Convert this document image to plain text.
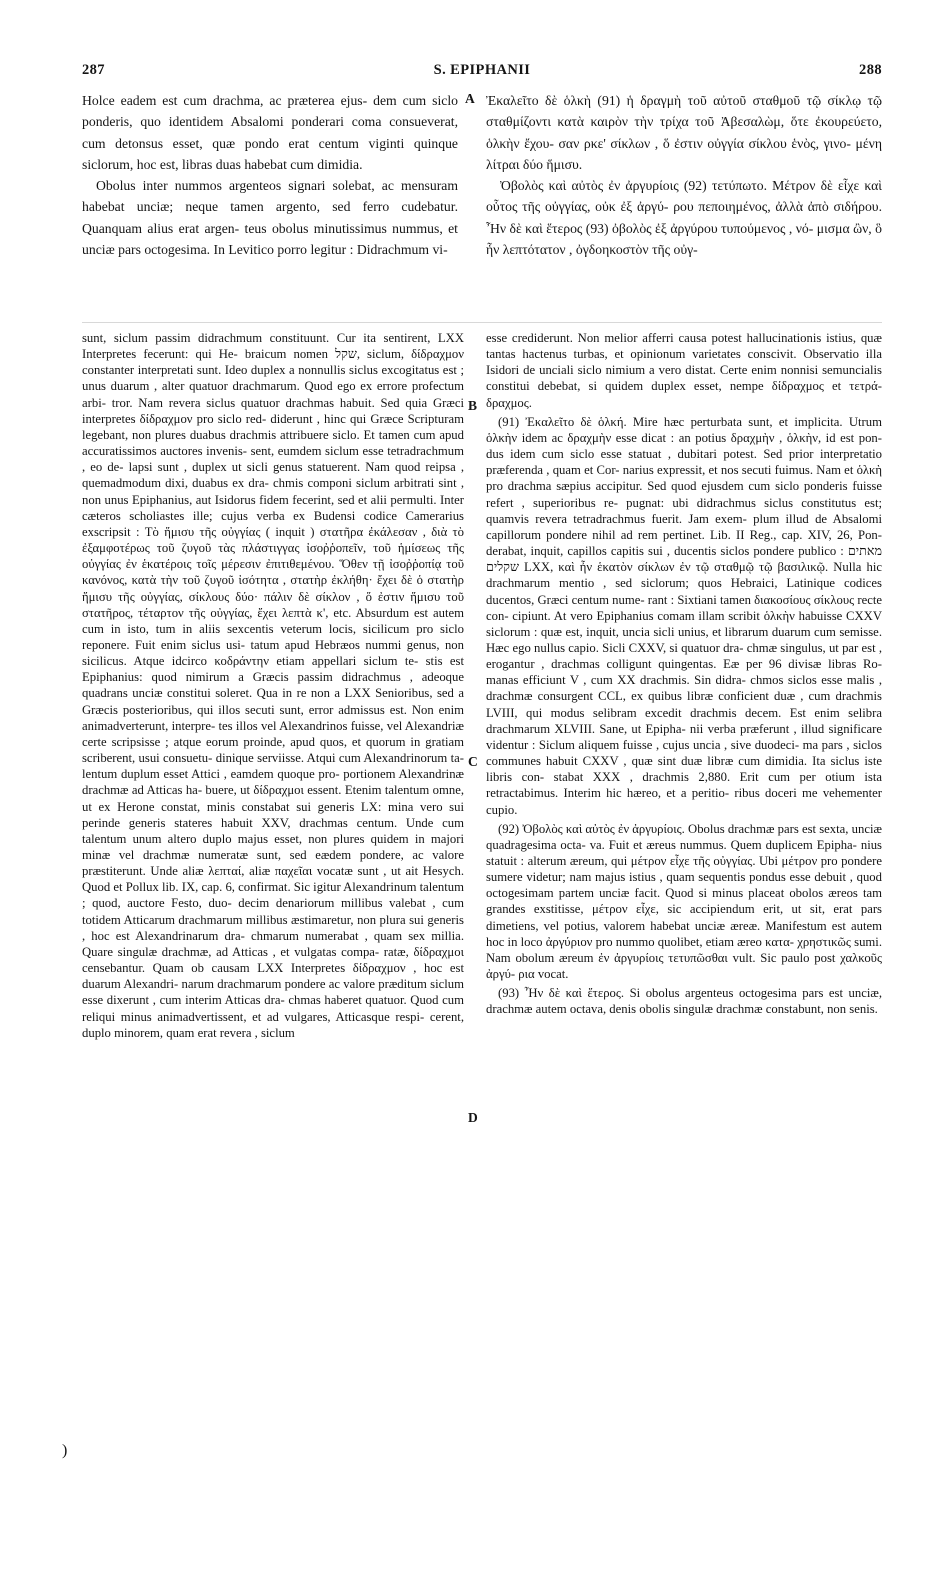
287	S. EPIPHANII	288

Holce eadem est cum drachma, ac præterea ejus- dem cum siclo ponderis, quo identidem Absalomi ponderari coma consueverat, cum detonsus esset, quæ pondo erat centum viginti quinque siclorum, hoc est, libras duas habebat cum dimidia.

Obolus inter nummos argenteos signari solebat, ac mensuram habebat unciæ; neque tamen argento, sed ferro cudebatur. Quanquam alius erat argen- teus obolus minutissimus nummus, et unciæ pars octogesima. In Levitico porro legitur : Didrachmum vi-

Ἐκαλεῖτο δὲ ὁλκὴ (91) ἡ δραγμὴ τοῦ αὐτοῦ σταθμοῦ τῷ σίκλῳ τῷ σταθμίζοντι κατὰ καιρὸν τὴν τρίχα τοῦ Ἀβεσαλὼμ, ὅτε ἐκουρεύετο, ὁλκὴν ἔχου- σαν ρκε' σίκλων , ὅ ἐστιν οὐγγία σίκλου ἑνὸς, γινο- μένη λίτραι δύο ἥμισυ.

Ὀβολὸς καὶ αὐτὸς ἐν ἀργυρίοις (92) τετύπωτο. Μέτρον δὲ εἶχε καὶ οὗτος τῆς οὐγγίας, οὐκ ἐξ ἀργύ- ρου πεποιημένος, ἀλλὰ ἀπὸ σιδήρου. Ἦν δὲ καὶ ἕτερος (93) ὀβολὸς ἐξ ἀργύρου τυπούμενος , νό- μισμα ὢν, ὃ ἦν λεπτότατον , ὀγδοηκοστὸν τῆς οὐγ-

sunt, siclum passim didrachmum constituunt. Cur ita sentirent, LXX Interpretes fecerunt: qui He- braicum nomen שקל, siclum, δίδραχμον constanter interpretati sunt. Ideo duplex a nonnullis siclus excogitatus est ; unus duarum , alter quatuor drachmarum. Quod ego ex errore profectum arbi- tror. Nam revera siclus quatuor drachmas habuit. Sed quia Græci interpretes δίδραχμον pro siclo red- diderunt , hinc qui Græce Scripturam legebant, non plures duabus drachmis attribuere siclo. Et tamen cum apud accuratissimos auctores invenis- sent, eumdem siclum esse tetradrachmum , eo de- lapsi sunt , duplex ut sicli genus statuerent. Nam quod reipsa , quemadmodum dixi, duabus ex dra- chmis componi siclum arbitrati sint , non unus Epiphanius, aut Isidorus fidem fecerint, sed et alii permulti. Inter cæteros scholiastes ille; cujus verba ex Budensi codice Camerarius exscripsit : Τὸ ἥμισυ τῆς οὐγγίας ( inquit ) στατῆρα ἐκάλεσαν , διὰ τὸ ἐξαμφοτέρως τοῦ ζυγοῦ τὰς πλάστιγγας ἰσοῤῥοπεῖν, τοῦ ἡμίσεως τῆς οὐγγίας ἐν ἑκατέροις τοῖς μέρεσιν ἐπιτιθεμένου. Ὅθεν τῇ ἰσοῤῥοπίᾳ τοῦ κανόνος, κατὰ τὴν τοῦ ζυγοῦ ἰσότητα , στατὴρ ἐκλήθη· ἔχει δὲ ὁ στατὴρ ἥμισυ τῆς οὐγγίας, σίκλους δύο· πάλιν δὲ σίκλον , ὅ ἐστιν ἥμισυ τοῦ στατῆρος, τέταρτον τῆς οὐγγίας, ἔχει λεπτὰ κ', etc. Absurdum est autem cum in isto, tum in aliis sexcentis veterum locis, sicilicum pro siclo reponere. Fuit enim siclus usi- tatum apud Hebræos nummi genus, non sicilicus. Atque idcirco κοδράντην etiam appellari siclum te- stis est Epiphanius: quod nimirum a Græcis passim didrachmus , adeoque quadrans unciæ constitui soleret. Qua in re non a LXX Senioribus, sed a Græcis posterioribus, qui illos secuti sunt, error admissus est. Non enim animadverterunt, interpre- tes illos vel Alexandrinos fuisse, vel Alexandriæ certe scripsisse ; atque eorum proinde, apud quos, et quorum in gratiam scriberent, usui consuetu- dinique serviisse. Atqui cum Alexandrinorum ta- lentum duplum esset Attici , eamdem quoque pro- portionem Alexandrinæ drachmæ ad Atticas ha- buere, ut δίδραχμοι essent. Etenim talentum omne, ut ex Herone constat, minis constabat sui generis LX: mina vero sui perinde generis stateres habuit XXV, drachmas centum. Unde cum talentum unum altero duplo majus esset, non plures quidem in majori minæ vel drachmæ numeratæ sunt, sed eædem pondere, ac valore præstiterunt. Unde aliæ λεπταί, aliæ παχεῖαι vocatæ sunt , ut ait Hesych. Quod et Pollux lib. IX, cap. 6, confirmat. Sic igitur Alexandrinum talentum ; quod, auctore Festo, duo- decim denariorum millibus valebat , cum totidem Atticarum drachmarum millibus æstimaretur, non plura sui generis , hoc est Alexandrinarum dra- chmarum numerabat , quam sex millia. Quare singulæ drachmæ, ad Atticas , et vulgatas compa- ratæ, δίδραχμοι censebantur. Quam ob causam LXX Interpretes δίδραχμον , hoc est duarum Alexandri- narum drachmarum pondere ac valore præditum siclum esse dixerunt , cum interim Atticas dra- chmas haberet quatuor. Quod cum reliqui minus animadvertissent, et ad vulgares, Atticasque respi- cerent, duplo minorem, quam erat revera , siclum

esse crediderunt. Non melior afferri causa potest hallucinationis istius, quæ tantas hactenus turbas, et opinionum varietates conscivit. Observatio illa Isidori de unciali siclo nimium a vero distat. Certe enim nonnisi semuncialis constitui debebat, si quidem duplex esset, nempe δίδραχμος et τετρά- δραχμος.

(91) Ἐκαλεῖτο δὲ ὁλκή. Mire hæc perturbata sunt, et implicita. Utrum ὁλκὴν idem ac δραχμὴν esse dicat : an potius δραχμὴν , ὁλκὴν, id est pon- dus idem cum siclo esse statuat , dubitari potest. Sed prior interpretatio præferenda , quam et Cor- narius expressit, et nos secuti fuimus. Nam et ὁλκὴ pro drachma sæpius accipitur. Sed quod ejusdem cum siclo ponderis fuisse refert , superioribus re- pugnat: ubi didrachmus siclus constitutus est; quamvis revera tetradrachmus fuerit. Jam exem- plum illud de Absalomi capillorum pondere nihil ad rem pertinet. Lib. II Reg., cap. XIV, 26, Pon- derabat, inquit, capillos capitis sui , ducentis siclos pondere publico : מאתים שקלים LXX, καὶ ἦν ἑκατὸν σίκλων ἐν τῷ σταθμῷ τῷ βασιλικῷ. Nulla hic drachmarum mentio , sed siclorum; quos Hebraici, Latinique codices ducentos, Græci centum nume- rant : Sixtiani tamen διακοσίους σίκλους recte con- cipiunt. At vero Epiphanius comam illam scribit ὁλκὴν habuisse CXXV siclorum : quæ est, inquit, uncia sicli unius, et librarum duarum cum semisse. Hæc ego nullus capio. Sicli CXXV, si quatuor dra- chmæ singulus, ut par est , erogantur , drachmas colligunt quingentas. Eæ per 96 divisæ libras Ro- manas efficiunt V , cum XX drachmis. Sin didra- chmos siclos esse malis , drachmæ consurgent CCL, ex quibus libræ conficient duæ , cum drachmis LVIII, qui modus selibram excedit drachmis decem. Est enim selibra drachmarum XLVIII. Sane, ut Epipha- nii verba præferunt , illud significare videntur : Siclum aliquem fuisse , cujus uncia , sive duodeci- ma pars , siclos communes habuit CXXV , quæ sint duæ libræ cum dimidia. Ita siclus iste libris con- stabat XXX , drachmis 2,880. Erit cum per otium ista retractabimus. Interim hic hæreo, et a peritio- ribus doceri me vehementer cupio.

(92) Ὀβολὸς καὶ αὐτὸς ἐν ἀργυρίοις. Obolus drachmæ pars est sexta, unciæ quadragesima octa- va. Fuit et æreus nummus. Quem duplicem Epipha- nius statuit : alterum æreum, qui μέτρον εἶχε τῆς οὐγγίας. Ubi μέτρον pro pondere sumere videtur; nam majus istius , quam sequentis pondus esse debuit , quod octogesimam partem unciæ facit. Quod si minus placeat obolos æreos tam grandes exstitisse, μέτρον εἶχε, sic accipiendum erit, ut sit, erat pars dimetiens, vel potius, valorem habebat unciæ æreæ. Manifestum est autem hoc in loco ἀργύριον pro nummo quolibet, etiam æreo κατα- χρηστικῶς sumi. Nam obolum æreum ἐν ἀργυρίοις τετυπῶσθαι vult. Sic paulo post χαλκοῦς ἀργύ- ρια vocat.

(93) Ἦν δὲ καὶ ἕτερος. Si obolus argenteus octogesima pars est unciæ, drachmæ autem octava, denis obolis singulæ drachmæ constabunt, non senis.

A
B
C
D
)
